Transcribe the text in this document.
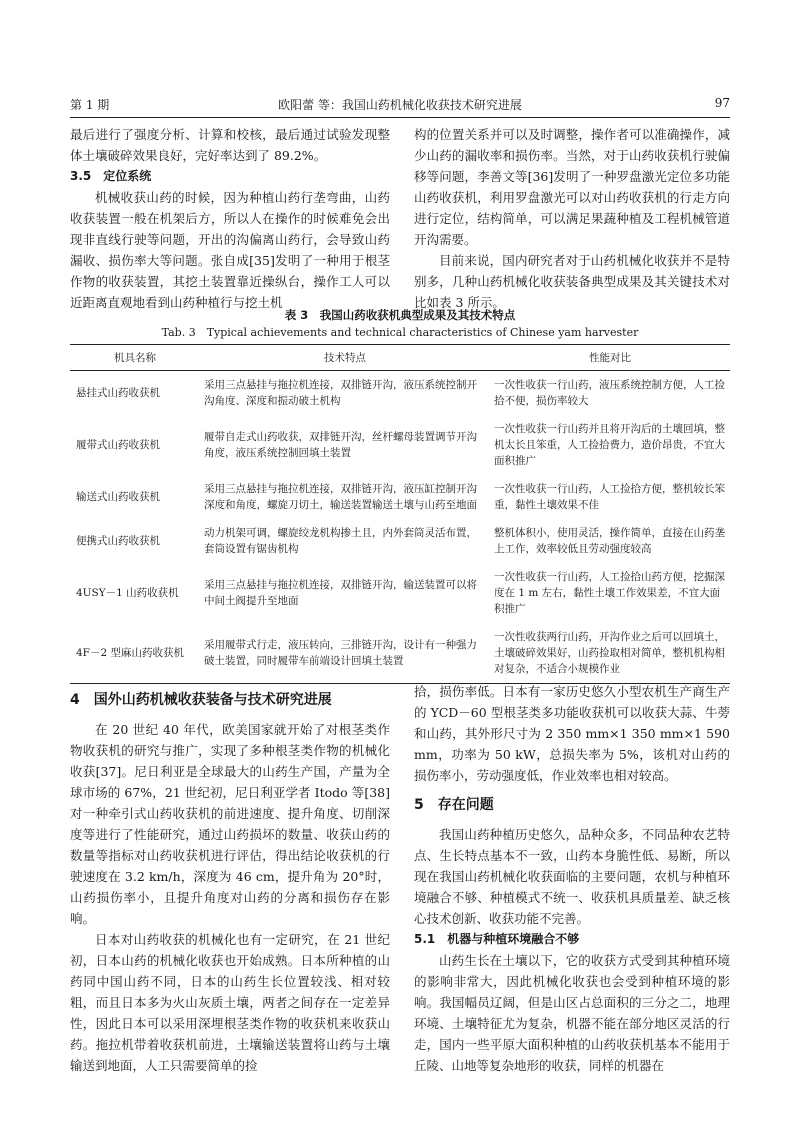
第 1 期	欧阳蕾 等：我国山药机械化收获技术研究进展	97

最后进行了强度分析、计算和校核，最后通过试验发现整体土壤破碎效果良好，完好率达到了 89.2%。

3.5　定位系统

机械收获山药的时候，因为种植山药行垄弯曲，山药收获装置一般在机架后方，所以人在操作的时候难免会出现非直线行驶等问题，开出的沟偏离山药行，会导致山药漏收、损伤率大等问题。张自成[35]发明了一种用于根茎作物的收获装置，其挖土装置靠近操纵台，操作工人可以近距离直观地看到山药种植行与挖土机

构的位置关系并可以及时调整，操作者可以准确操作，减少山药的漏收率和损伤率。当然，对于山药收获机行驶偏移等问题，李善文等[36]发明了一种罗盘激光定位多功能山药收获机，利用罗盘激光可以对山药收获机的行走方向进行定位，结构简单，可以满足果蔬种植及工程机械管道开沟需要。

目前来说，国内研究者对于山药机械化收获并不是特别多，几种山药机械化收获装备典型成果及其关键技术对比如表 3 所示。

表 3　我国山药收获机典型成果及其技术特点
Tab. 3　Typical achievements and technical characteristics of Chinese yam harvester
机具名称	技术特点	性能对比
悬挂式山药收获机	采用三点悬挂与拖拉机连接，双排链开沟，液压系统控制开沟角度、深度和振动破土机构	一次性收获一行山药，液压系统控制方便，人工捡拾不便，损伤率较大
履带式山药收获机	履带自走式山药收获，双排链开沟，丝杆螺母装置调节开沟角度，液压系统控制回填土装置	一次性收获一行山药并且将开沟后的土壤回填，整机太长且笨重，人工捡拾费力，造价昂贵，不宜大面积推广
输送式山药收获机	采用三点悬挂与拖拉机连接，双排链开沟，液压缸控制开沟深度和角度，螺旋刀切土，输送装置输送土壤与山药至地面	一次性收获一行山药，人工捡拾方便，整机较长笨重，黏性土壤效果不佳
便携式山药收获机	动力机架可调，螺旋绞龙机构掺土且，内外套筒灵活布置，套筒设置有锯齿机构	整机体积小，使用灵活，操作简单，直接在山药垄上工作，效率较低且劳动强度较高
4USY－1 山药收获机	采用三点悬挂与拖拉机连接，双排链开沟，输送装置可以将中间土阀提升至地面	一次性收获一行山药，人工捡拾山药方便，挖掘深度在 1 m 左右，黏性土壤工作效果差，不宜大面积推广
4F－2 型麻山药收获机	采用履带式行走，液压转向，三排链开沟，设计有一种强力破土装置，同时履带车前端设计回填土装置	一次性收获两行山药，开沟作业之后可以回填土，土壤破碎效果好，山药捡取相对简单，整机机构相对复杂，不适合小规模作业
4　国外山药机械收获装备与技术研究进展

在 20 世纪 40 年代，欧美国家就开始了对根茎类作物收获机的研究与推广，实现了多种根茎类作物的机械化收获[37]。尼日利亚是全球最大的山药生产国，产量为全球市场的 67%，21 世纪初，尼日利亚学者 Itodo 等[38]对一种牵引式山药收获机的前进速度、提升角度、切削深度等进行了性能研究，通过山药损坏的数量、收获山药的数量等指标对山药收获机进行评估，得出结论收获机的行驶速度在 3.2 km/h，深度为 46 cm，提升角为 20°时，山药损伤率小，且提升角度对山药的分离和损伤存在影响。

日本对山药收获的机械化也有一定研究，在 21 世纪初，日本山药的机械化收获也开始成熟。日本所种植的山药同中国山药不同，日本的山药生长位置较浅、相对较粗，而且日本多为火山灰质土壤，两者之间存在一定差异性，因此日本可以采用深埋根茎类作物的收获机来收获山药。拖拉机带着收获机前进，土壤输送装置将山药与土壤输送到地面，人工只需要简单的捡

拾，损伤率低。日本有一家历史悠久小型农机生产商生产的 YCD－60 型根茎类多功能收获机可以收获大蒜、牛蒡和山药，其外形尺寸为 2 350 mm×1 350 mm×1 590 mm，功率为 50 kW，总损失率为 5%，该机对山药的损伤率小，劳动强度低，作业效率也相对较高。

5　存在问题

我国山药种植历史悠久，品种众多，不同品种农艺特点、生长特点基本不一致，山药本身脆性低、易断，所以现在我国山药机械化收获面临的主要问题，农机与种植环境融合不够、种植模式不统一、收获机具质量差、缺乏核心技术创新、收获功能不完善。

5.1　机器与种植环境融合不够

山药生长在土壤以下，它的收获方式受到其种植环境的影响非常大，因此机械化收获也会受到种植环境的影响。我国幅员辽阔，但是山区占总面积的三分之二，地理环境、土壤特征尤为复杂，机器不能在部分地区灵活的行走，国内一些平原大面积种植的山药收获机基本不能用于丘陵、山地等复杂地形的收获，同样的机器在
